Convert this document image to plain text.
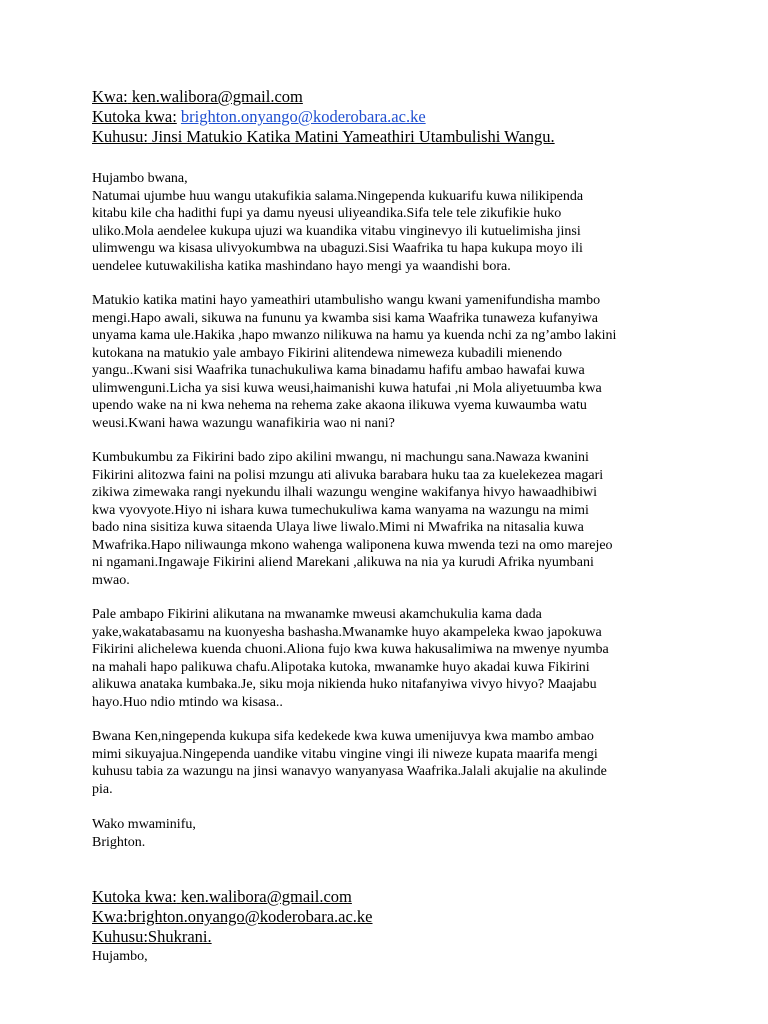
Kwa: ken.walibora@gmail.com

Kutoka kwa: brighton.onyango@koderobara.ac.ke

Kuhusu: Jinsi Matukio Katika Matini Yameathiri Utambulishi Wangu.

Hujambo bwana,
Natumai ujumbe huu wangu utakufikia salama.Ningependa kukuarifu kuwa nilikipenda
kitabu kile cha hadithi fupi ya damu nyeusi uliyeandika.Sifa tele tele zikufikie huko
uliko.Mola aendelee kukupa ujuzi wa kuandika vitabu vinginevyo ili kutuelimisha jinsi
ulimwengu wa kisasa ulivyokumbwa na ubaguzi.Sisi Waafrika tu hapa kukupa moyo ili
uendelee kutuwakilisha katika mashindano hayo mengi ya waandishi bora.
Matukio katika matini hayo yameathiri utambulisho wangu kwani yamenifundisha mambo
mengi.Hapo awali, sikuwa na fununu ya kwamba sisi kama Waafrika tunaweza kufanyiwa
unyama kama ule.Hakika ,hapo mwanzo nilikuwa na hamu ya kuenda nchi za ng’ambo lakini
kutokana na matukio yale ambayo Fikirini alitendewa nimeweza kubadili mienendo
yangu..Kwani sisi Waafrika tunachukuliwa kama binadamu hafifu ambao hawafai kuwa
ulimwenguni.Licha ya sisi kuwa weusi,haimanishi kuwa hatufai ,ni Mola aliyetuumba kwa
upendo wake na ni kwa nehema na rehema zake akaona ilikuwa vyema kuwaumba watu
weusi.Kwani hawa wazungu wanafikiria wao ni nani?
Kumbukumbu za Fikirini bado zipo akilini mwangu, ni machungu sana.Nawaza kwanini
Fikirini alitozwa faini na polisi mzungu ati alivuka barabara huku taa za kuelekezea magari
zikiwa zimewaka rangi nyekundu ilhali wazungu wengine wakifanya hivyo hawaadhibiwi
kwa vyovyote.Hiyo ni ishara kuwa tumechukuliwa kama wanyama na wazungu na mimi
bado nina sisitiza kuwa sitaenda Ulaya liwe liwalo.Mimi ni Mwafrika na nitasalia kuwa
Mwafrika.Hapo niliwaunga mkono wahenga waliponena kuwa mwenda tezi na omo marejeo
ni ngamani.Ingawaje Fikirini aliend Marekani ,alikuwa na nia ya kurudi Afrika nyumbani
mwao.
Pale ambapo Fikirini alikutana na mwanamke mweusi akamchukulia kama dada
yake,wakatabasamu na kuonyesha bashasha.Mwanamke huyo akampeleka kwao japokuwa
Fikirini alichelewa kuenda chuoni.Aliona fujo kwa kuwa hakusalimiwa na mwenye nyumba
na mahali hapo palikuwa chafu.Alipotaka kutoka, mwanamke huyo akadai kuwa Fikirini
alikuwa anataka kumbaka.Je, siku moja nikienda huko nitafanyiwa vivyo hivyo? Maajabu
hayo.Huo ndio mtindo wa kisasa..
Bwana Ken,ningependa kukupa sifa kedekede kwa kuwa umenijuvya kwa mambo ambao
mimi sikuyajua.Ningependa uandike vitabu vingine vingi ili niweze kupata maarifa mengi
kuhusu tabia za wazungu na jinsi wanavyo wanyanyasa Waafrika.Jalali akujalie na akulinde
pia.
Wako mwaminifu,
Brighton.

Kutoka kwa: ken.walibora@gmail.com

Kwa:brighton.onyango@koderobara.ac.ke

Kuhusu:Shukrani.

Hujambo,
